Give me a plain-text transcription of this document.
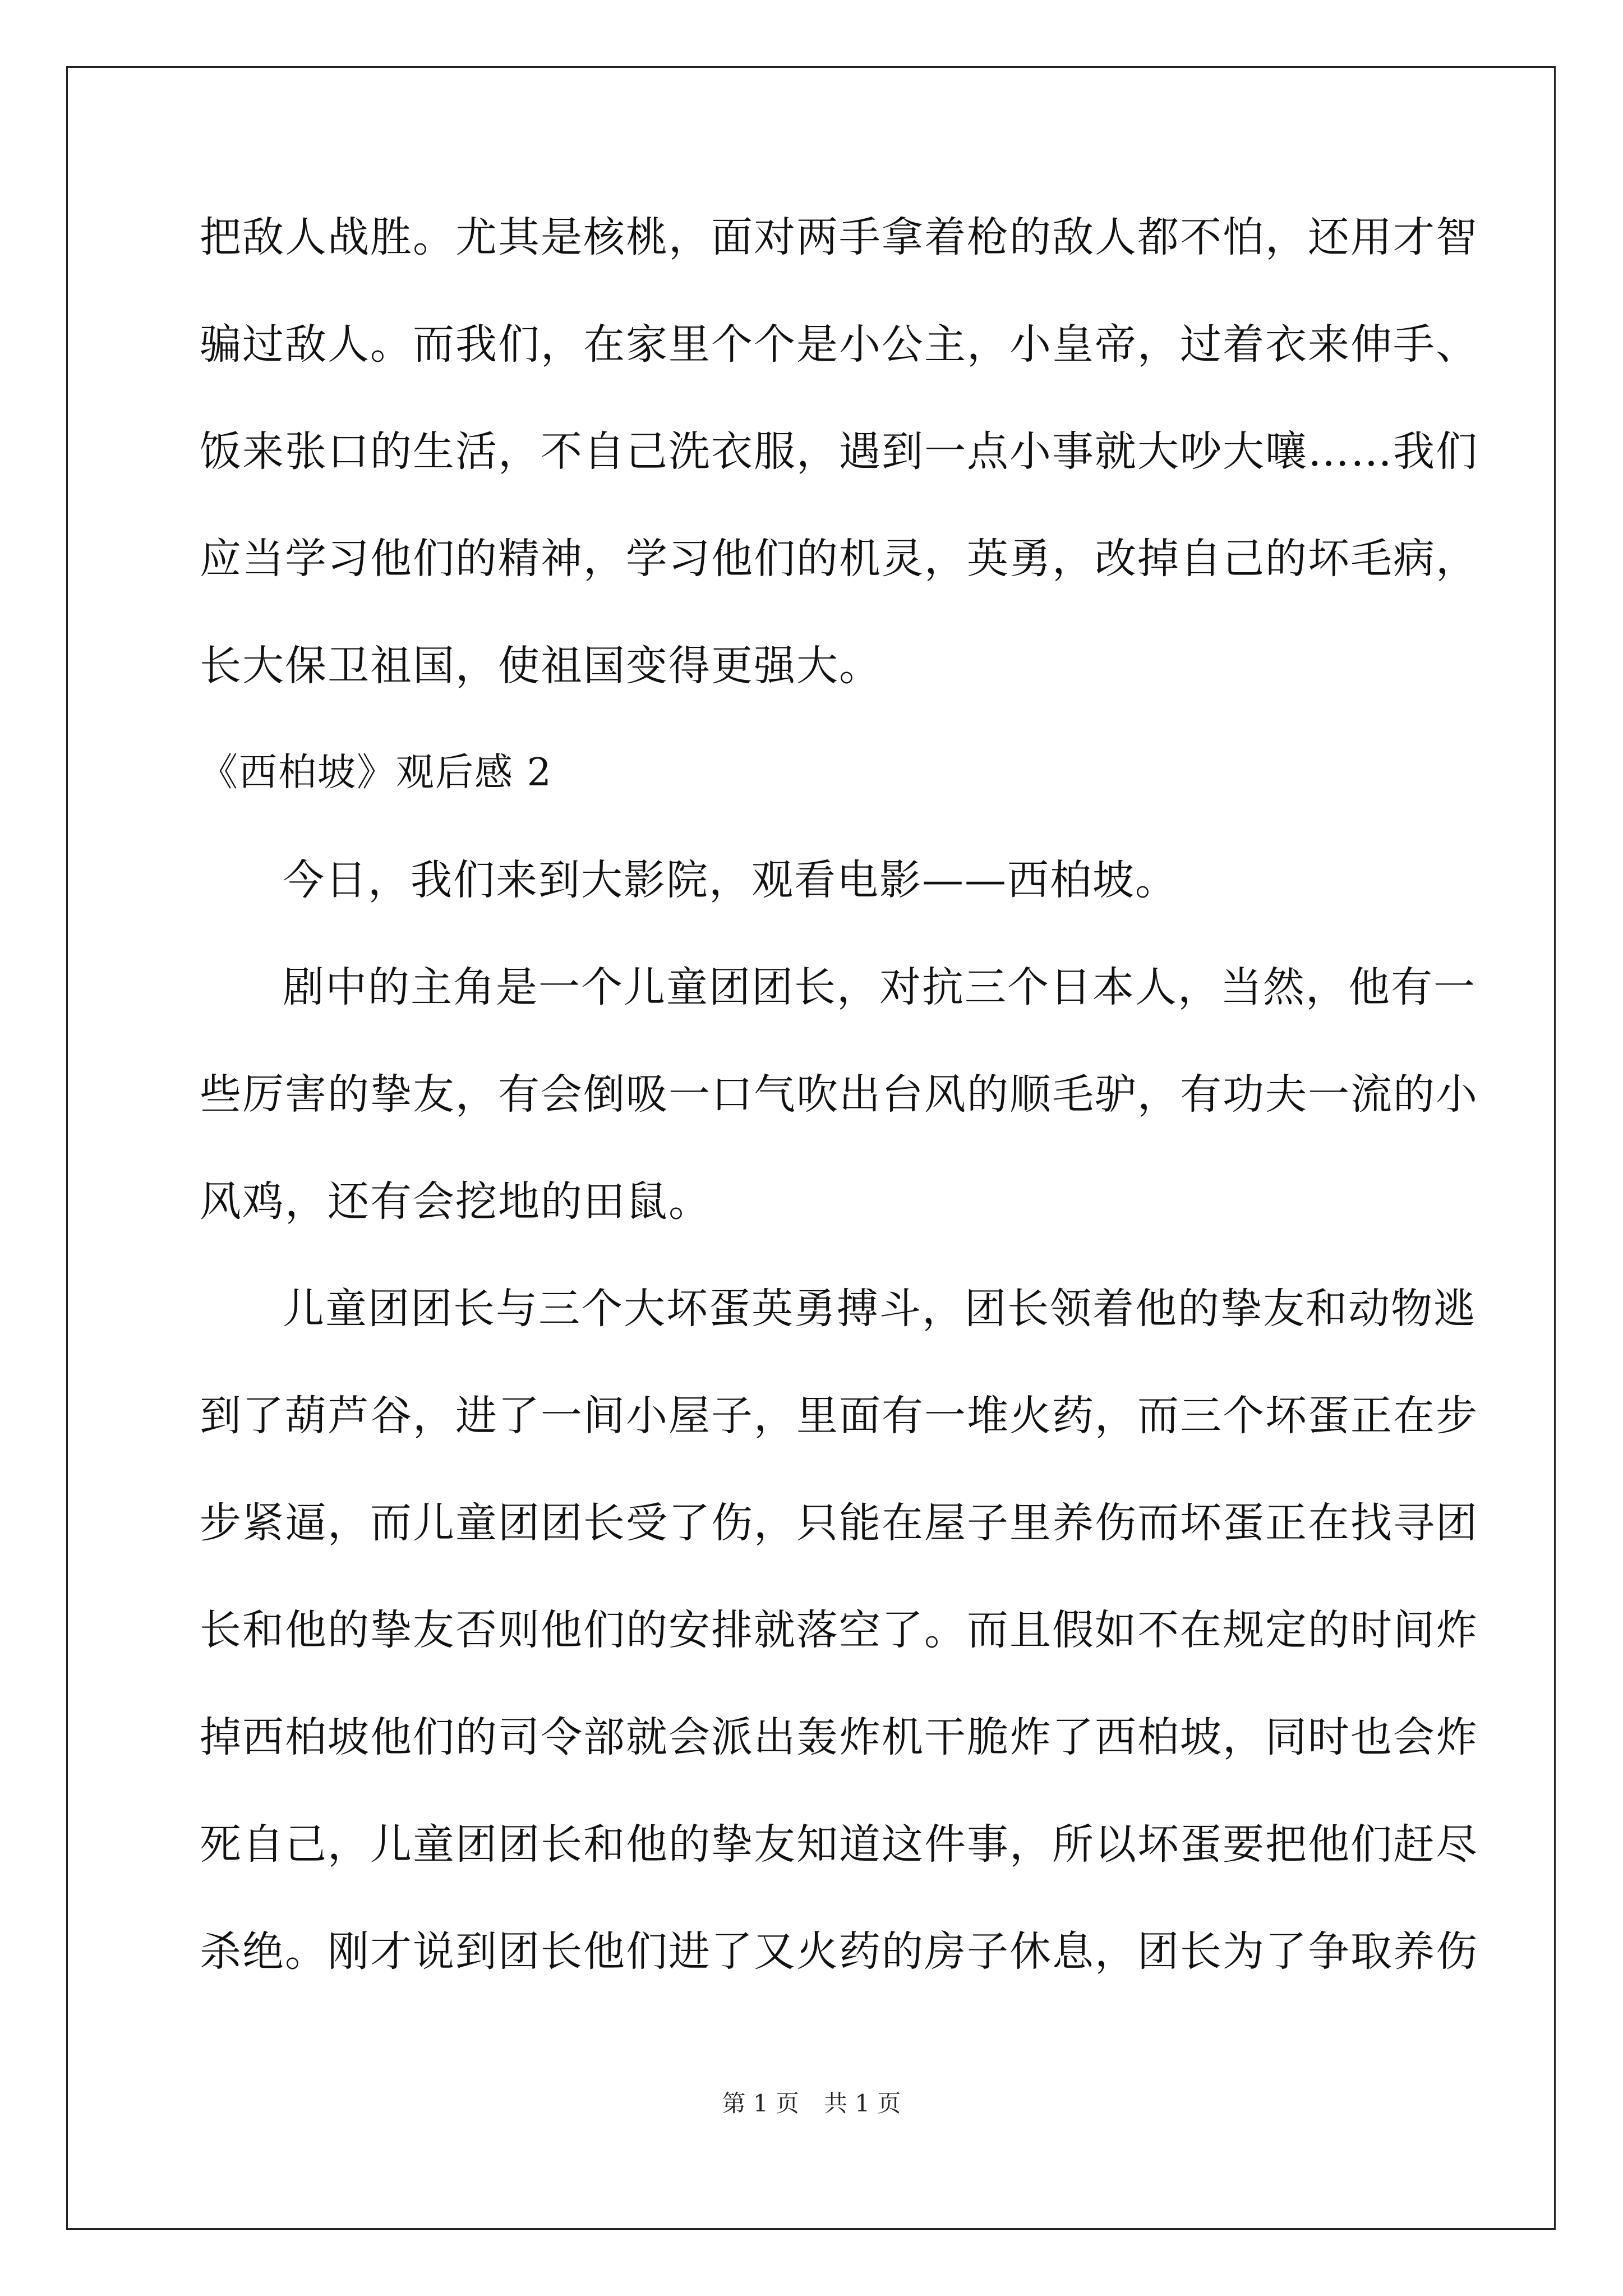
把敌人战胜。尤其是核桃，面对两手拿着枪的敌人都不怕，还用才智
骗过敌人。而我们，在家里个个是小公主，小皇帝，过着衣来伸手、
饭来张口的生活，不自己洗衣服，遇到一点小事就大吵大嚷……我们
应当学习他们的精神，学习他们的机灵，英勇，改掉自己的坏毛病，
长大保卫祖国，使祖国变得更强大。
《西柏坡》观后感 2
今日，我们来到大影院，观看电影——西柏坡。
剧中的主角是一个儿童团团长，对抗三个日本人，当然，他有一
些厉害的挚友，有会倒吸一口气吹出台风的顺毛驴，有功夫一流的小
风鸡，还有会挖地的田鼠。
儿童团团长与三个大坏蛋英勇搏斗，团长领着他的挚友和动物逃
到了葫芦谷，进了一间小屋子，里面有一堆火药，而三个坏蛋正在步
步紧逼，而儿童团团长受了伤，只能在屋子里养伤而坏蛋正在找寻团
长和他的挚友否则他们的安排就落空了。而且假如不在规定的时间炸
掉西柏坡他们的司令部就会派出轰炸机干脆炸了西柏坡，同时也会炸
死自己，儿童团团长和他的挚友知道这件事，所以坏蛋要把他们赶尽
杀绝。刚才说到团长他们进了又火药的房子休息，团长为了争取养伤
第 1 页 共 1 页
